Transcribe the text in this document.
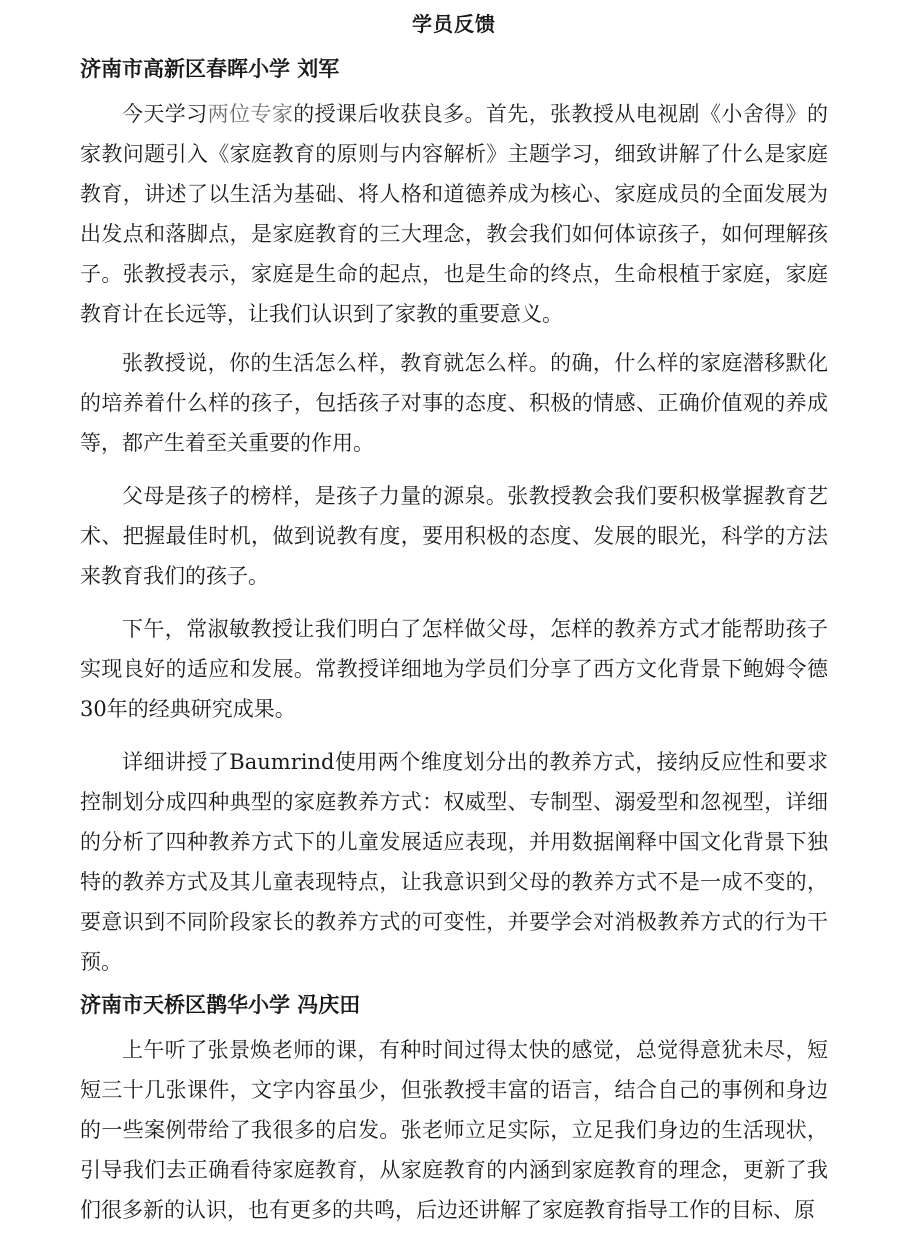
学员反馈
济南市高新区春晖小学 刘军

今天学习两位专家的授课后收获良多。首先，张教授从电视剧《小舍得》的家教问题引入《家庭教育的原则与内容解析》主题学习，细致讲解了什么是家庭教育，讲述了以生活为基础、将人格和道德养成为核心、家庭成员的全面发展为出发点和落脚点，是家庭教育的三大理念，教会我们如何体谅孩子，如何理解孩子。张教授表示，家庭是生命的起点，也是生命的终点，生命根植于家庭，家庭教育计在长远等，让我们认识到了家教的重要意义。

张教授说，你的生活怎么样，教育就怎么样。的确，什么样的家庭潜移默化的培养着什么样的孩子，包括孩子对事的态度、积极的情感、正确价值观的养成等，都产生着至关重要的作用。

父母是孩子的榜样，是孩子力量的源泉。张教授教会我们要积极掌握教育艺术、把握最佳时机，做到说教有度，要用积极的态度、发展的眼光，科学的方法来教育我们的孩子。

下午，常淑敏教授让我们明白了怎样做父母，怎样的教养方式才能帮助孩子实现良好的适应和发展。常教授详细地为学员们分享了西方文化背景下鲍姆令德30年的经典研究成果。

详细讲授了Baumrind使用两个维度划分出的教养方式，接纳反应性和要求控制划分成四种典型的家庭教养方式：权威型、专制型、溺爱型和忽视型，详细的分析了四种教养方式下的儿童发展适应表现，并用数据阐释中国文化背景下独特的教养方式及其儿童表现特点，让我意识到父母的教养方式不是一成不变的，要意识到不同阶段家长的教养方式的可变性，并要学会对消极教养方式的行为干预。

济南市天桥区鹊华小学 冯庆田

上午听了张景焕老师的课，有种时间过得太快的感觉，总觉得意犹未尽，短短三十几张课件，文字内容虽少，但张教授丰富的语言，结合自己的事例和身边的一些案例带给了我很多的启发。张老师立足实际，立足我们身边的生活现状，引导我们去正确看待家庭教育，从家庭教育的内涵到家庭教育的理念，更新了我们很多新的认识，也有更多的共鸣，后边还讲解了家庭教育指导工作的目标、原
